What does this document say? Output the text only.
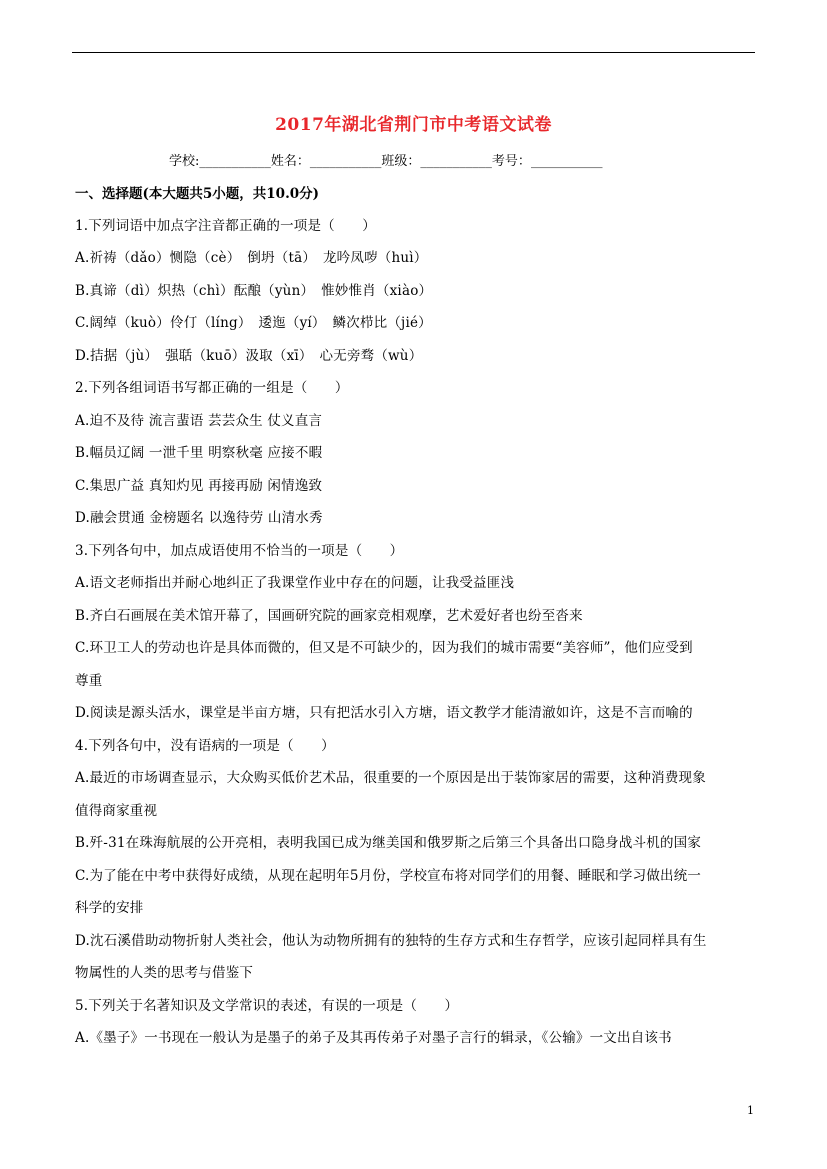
2017年湖北省荆门市中考语文试卷
学校:___________姓名：___________班级：___________考号：___________
一、选择题(本大题共5小题，共10.0分)
1.下列词语中加点字注音都正确的一项是（　　）
A.祈祷（dǎo）恻隐（cè）　倒坍（tā）　龙吟凤哕（huì）
B.真谛（dì）炽热（chì）酝酿（yùn）　惟妙惟肖（xiào）
C.阔绰（kuò）伶仃（líng）　逶迤（yí）　鳞次栉比（jié）
D.拮据（jù）　强聒（kuō）汲取（xī）　心无旁骛（wù）
2.下列各组词语书写都正确的一组是（　　）
A.迫不及待 流言蜚语 芸芸众生 仗义直言
B.幅员辽阔 一泄千里 明察秋毫 应接不暇
C.集思广益 真知灼见 再接再励 闲情逸致
D.融会贯通 金榜题名 以逸待劳 山清水秀
3.下列各句中，加点成语使用不恰当的一项是（　　）
A.语文老师指出并耐心地纠正了我课堂作业中存在的问题，让我受益匪浅
B.齐白石画展在美术馆开幕了，国画研究院的画家竞相观摩，艺术爱好者也纷至沓来
C.环卫工人的劳动也许是具体而微的，但又是不可缺少的，因为我们的城市需要“美容师”，他们应受到
尊重
D.阅读是源头活水，课堂是半亩方塘，只有把活水引入方塘，语文教学才能清澈如许，这是不言而喻的
4.下列各句中，没有语病的一项是（　　）
A.最近的市场调查显示，大众购买低价艺术品，很重要的一个原因是出于装饰家居的需要，这种消费现象
值得商家重视
B.歼-31在珠海航展的公开亮相，表明我国已成为继美国和俄罗斯之后第三个具备出口隐身战斗机的国家
C.为了能在中考中获得好成绩，从现在起明年5月份，学校宣布将对同学们的用餐、睡眠和学习做出统一
科学的安排
D.沈石溪借助动物折射人类社会，他认为动物所拥有的独特的生存方式和生存哲学，应该引起同样具有生
物属性的人类的思考与借鉴下
5.下列关于名著知识及文学常识的表述，有误的一项是（　　）
A.《墨子》一书现在一般认为是墨子的弟子及其再传弟子对墨子言行的辑录，《公输》一文出自该书
1
